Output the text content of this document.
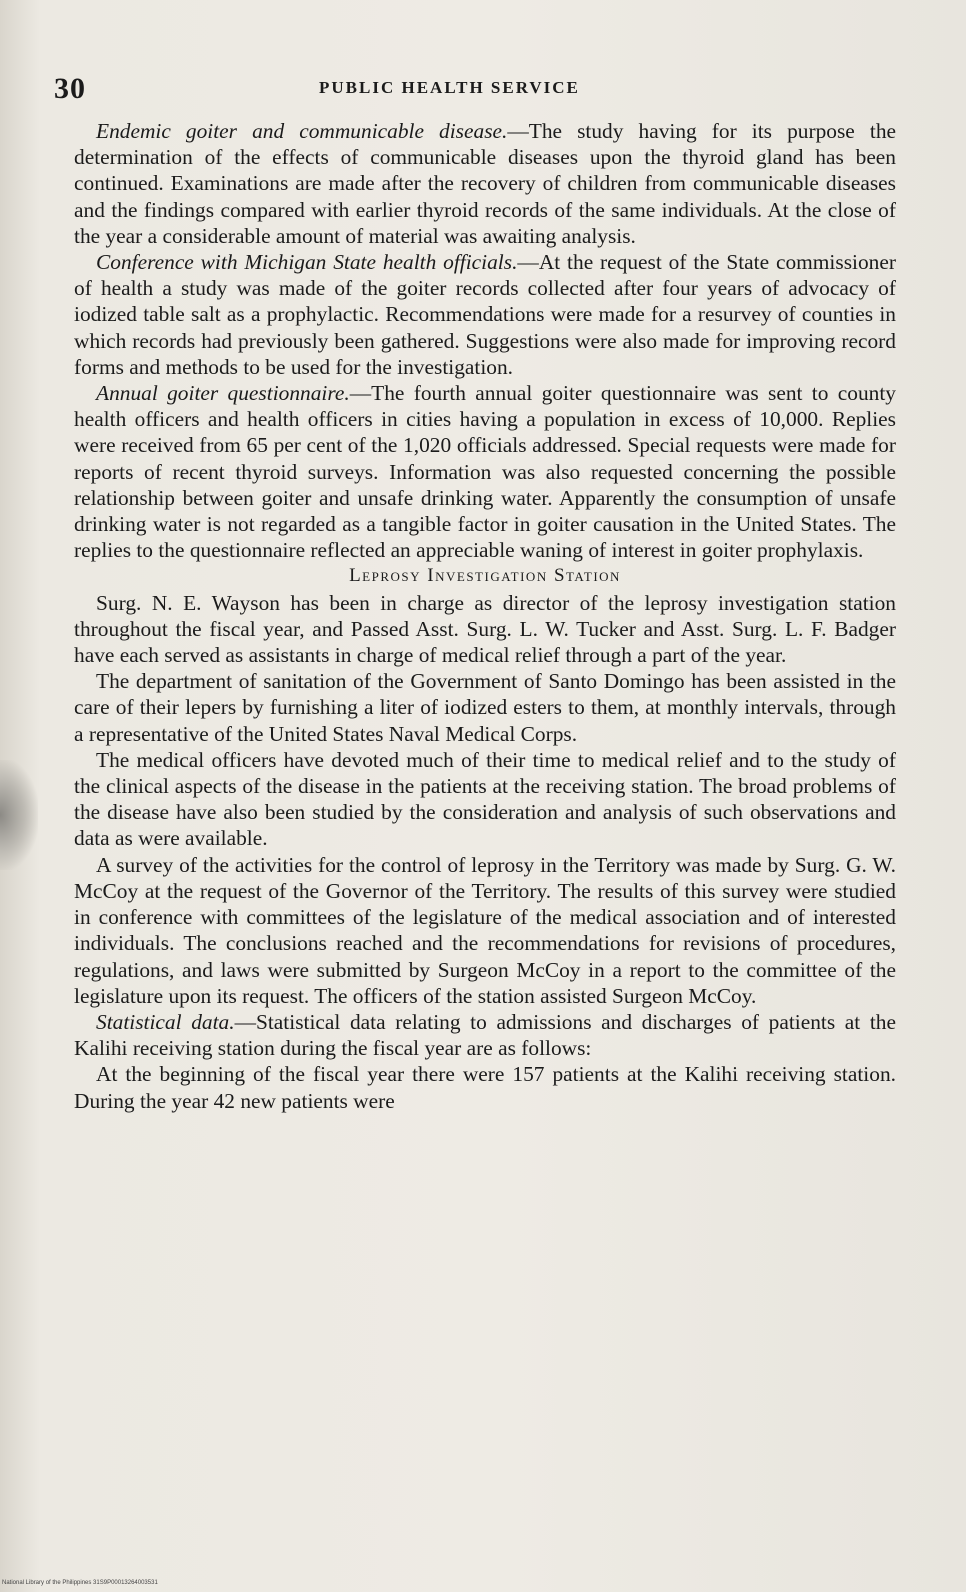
30	PUBLIC HEALTH SERVICE

Endemic goiter and communicable disease.—The study having for its purpose the determination of the effects of communicable diseases upon the thyroid gland has been continued. Examinations are made after the recovery of children from communicable diseases and the findings compared with earlier thyroid records of the same individuals. At the close of the year a considerable amount of material was awaiting analysis.

Conference with Michigan State health officials.—At the request of the State commissioner of health a study was made of the goiter records collected after four years of advocacy of iodized table salt as a prophylactic. Recommendations were made for a resurvey of counties in which records had previously been gathered. Suggestions were also made for improving record forms and methods to be used for the investigation.

Annual goiter questionnaire.—The fourth annual goiter questionnaire was sent to county health officers and health officers in cities having a population in excess of 10,000. Replies were received from 65 per cent of the 1,020 officials addressed. Special requests were made for reports of recent thyroid surveys. Information was also requested concerning the possible relationship between goiter and unsafe drinking water. Apparently the consumption of unsafe drinking water is not regarded as a tangible factor in goiter causation in the United States. The replies to the questionnaire reflected an appreciable waning of interest in goiter prophylaxis.

Leprosy Investigation Station

Surg. N. E. Wayson has been in charge as director of the leprosy investigation station throughout the fiscal year, and Passed Asst. Surg. L. W. Tucker and Asst. Surg. L. F. Badger have each served as assistants in charge of medical relief through a part of the year.

The department of sanitation of the Government of Santo Domingo has been assisted in the care of their lepers by furnishing a liter of iodized esters to them, at monthly intervals, through a representative of the United States Naval Medical Corps.

The medical officers have devoted much of their time to medical relief and to the study of the clinical aspects of the disease in the patients at the receiving station. The broad problems of the disease have also been studied by the consideration and analysis of such observations and data as were available.

A survey of the activities for the control of leprosy in the Territory was made by Surg. G. W. McCoy at the request of the Governor of the Territory. The results of this survey were studied in conference with committees of the legislature of the medical association and of interested individuals. The conclusions reached and the recommendations for revisions of procedures, regulations, and laws were submitted by Surgeon McCoy in a report to the committee of the legislature upon its request. The officers of the station assisted Surgeon McCoy.

Statistical data.—Statistical data relating to admissions and discharges of patients at the Kalihi receiving station during the fiscal year are as follows:

At the beginning of the fiscal year there were 157 patients at the Kalihi receiving station. During the year 42 new patients were

National Library of the Philippines 31S9P00013264003531
